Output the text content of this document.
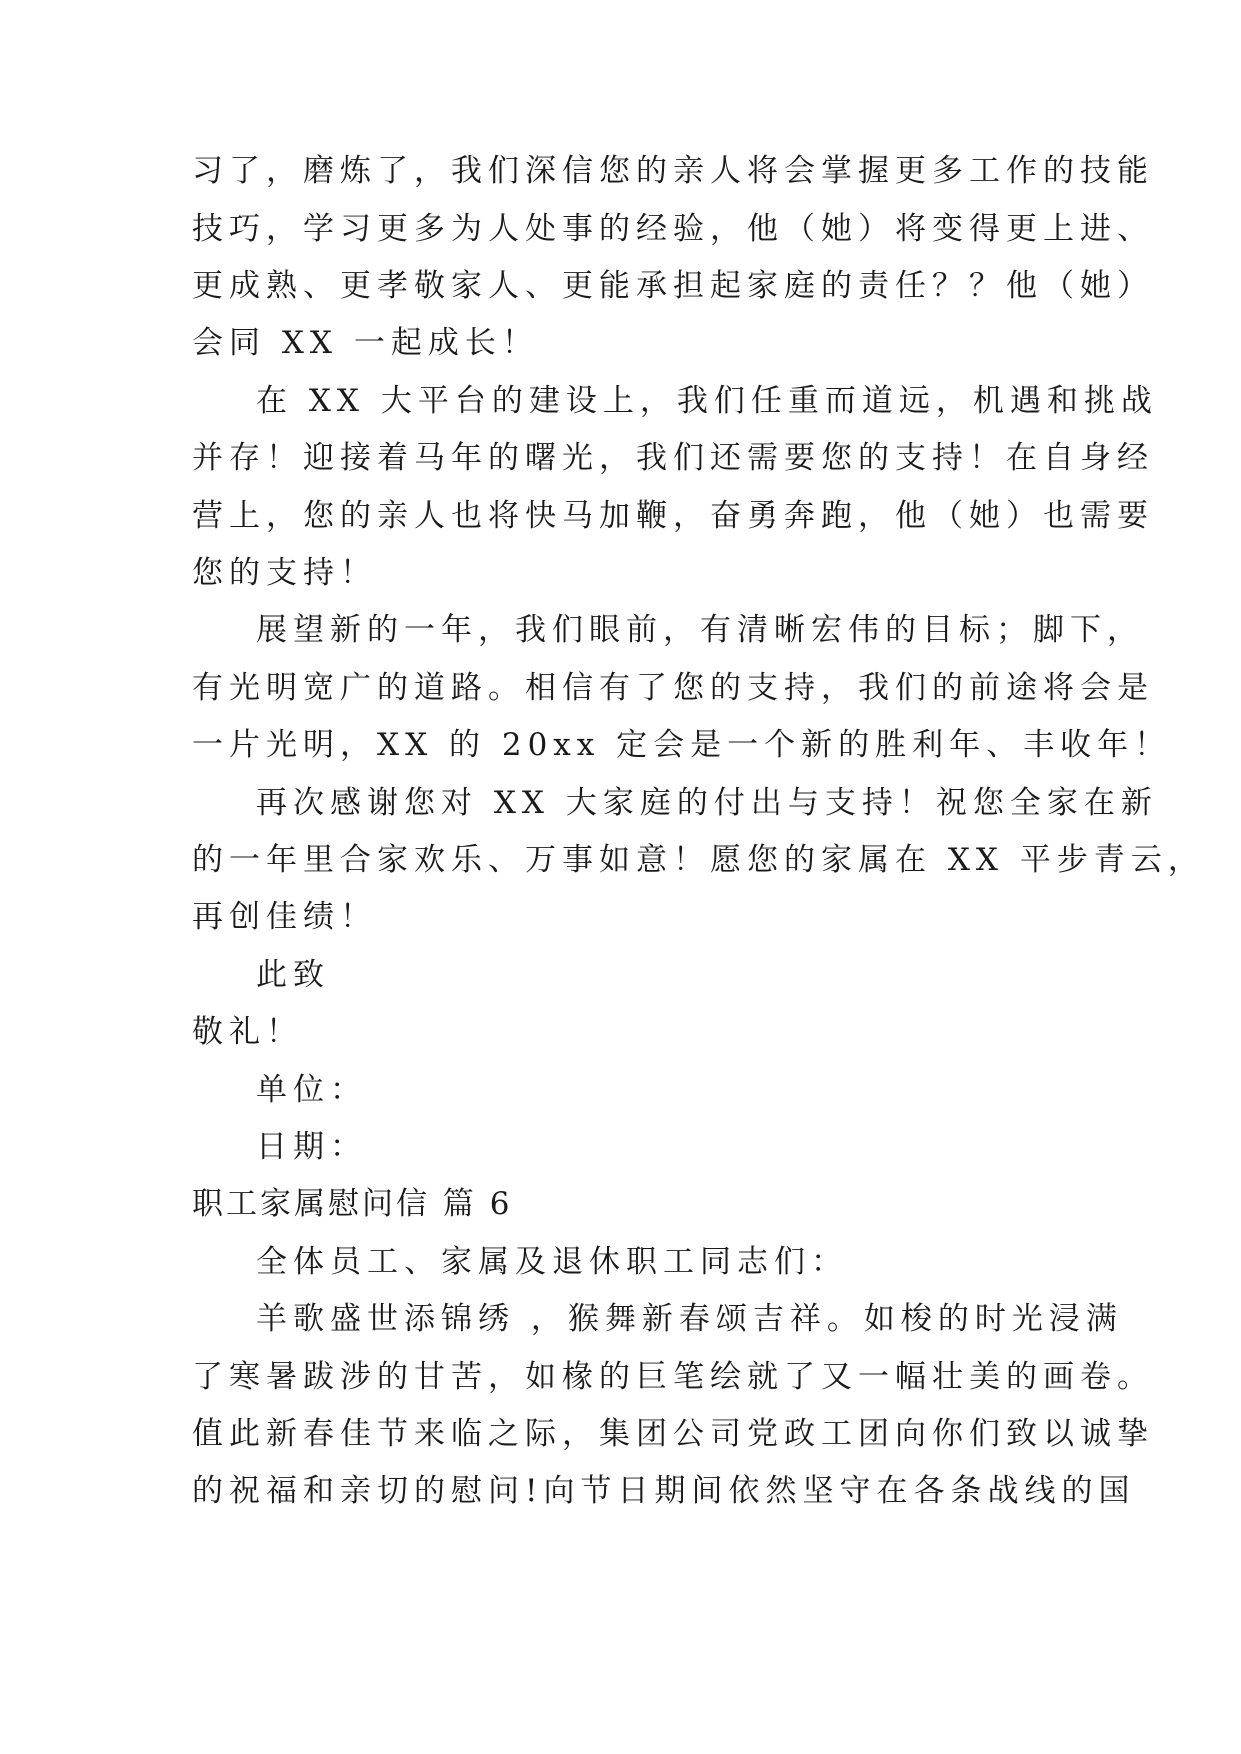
习了，磨炼了，我们深信您的亲人将会掌握更多工作的技能
技巧，学习更多为人处事的经验，他（她）将变得更上进、
更成熟、更孝敬家人、更能承担起家庭的责任？？他（她）
会同 XX 一起成长！
在 XX 大平台的建设上，我们任重而道远，机遇和挑战
并存！迎接着马年的曙光，我们还需要您的支持！在自身经
营上，您的亲人也将快马加鞭，奋勇奔跑，他（她）也需要
您的支持！
展望新的一年，我们眼前，有清晰宏伟的目标；脚下，
有光明宽广的道路。相信有了您的支持，我们的前途将会是
一片光明，XX 的 20xx 定会是一个新的胜利年、丰收年！
再次感谢您对 XX 大家庭的付出与支持！祝您全家在新
的一年里合家欢乐、万事如意！愿您的家属在 XX 平步青云，
再创佳绩！
此致
敬礼！
单位：
日期：
职工家属慰问信 篇 6
全体员工、家属及退休职工同志们：
羊歌盛世添锦绣 ，猴舞新春颂吉祥。如梭的时光浸满
了寒暑跋涉的甘苦，如椽的巨笔绘就了又一幅壮美的画卷。
值此新春佳节来临之际，集团公司党政工团向你们致以诚挚
的祝福和亲切的慰问!向节日期间依然坚守在各条战线的国
